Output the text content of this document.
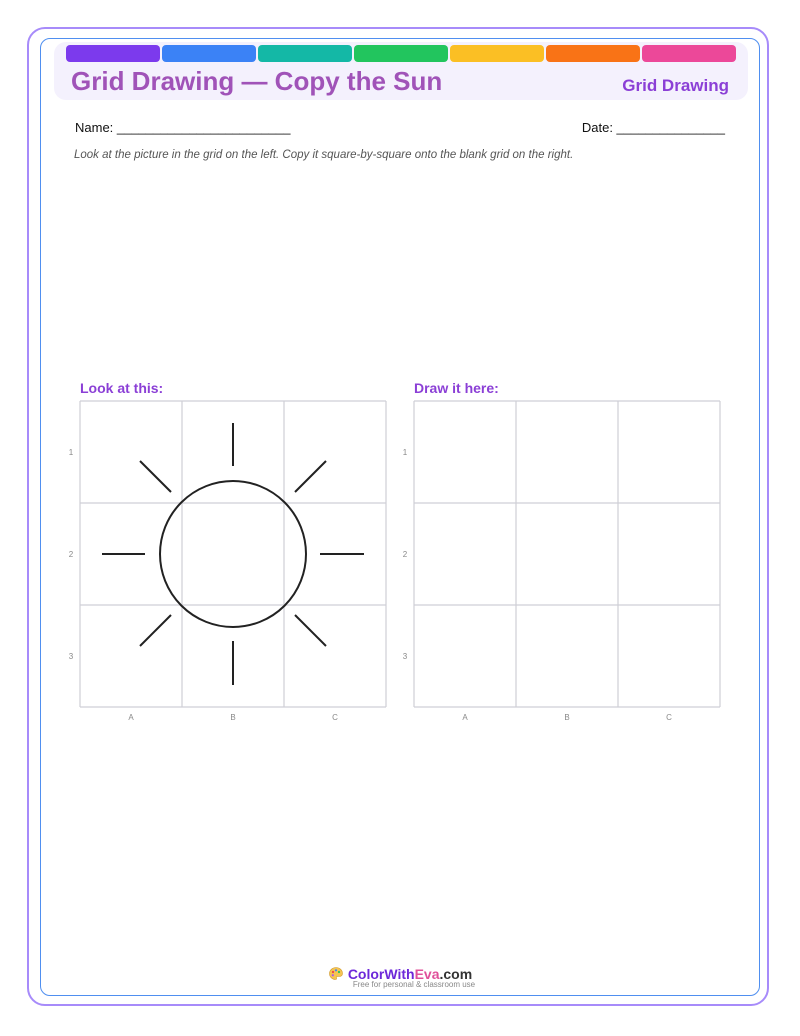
Grid Drawing — Copy the Sun	Grid Drawing
Name: ________________________	Date: _______________
Look at the picture in the grid on the left. Copy it square-by-square onto the blank grid on the right.
Look at this:	Draw it here:
1
2
3
A	B	C
1
2
3
A	B	C
ColorWithEva.com
Free for personal & classroom use
